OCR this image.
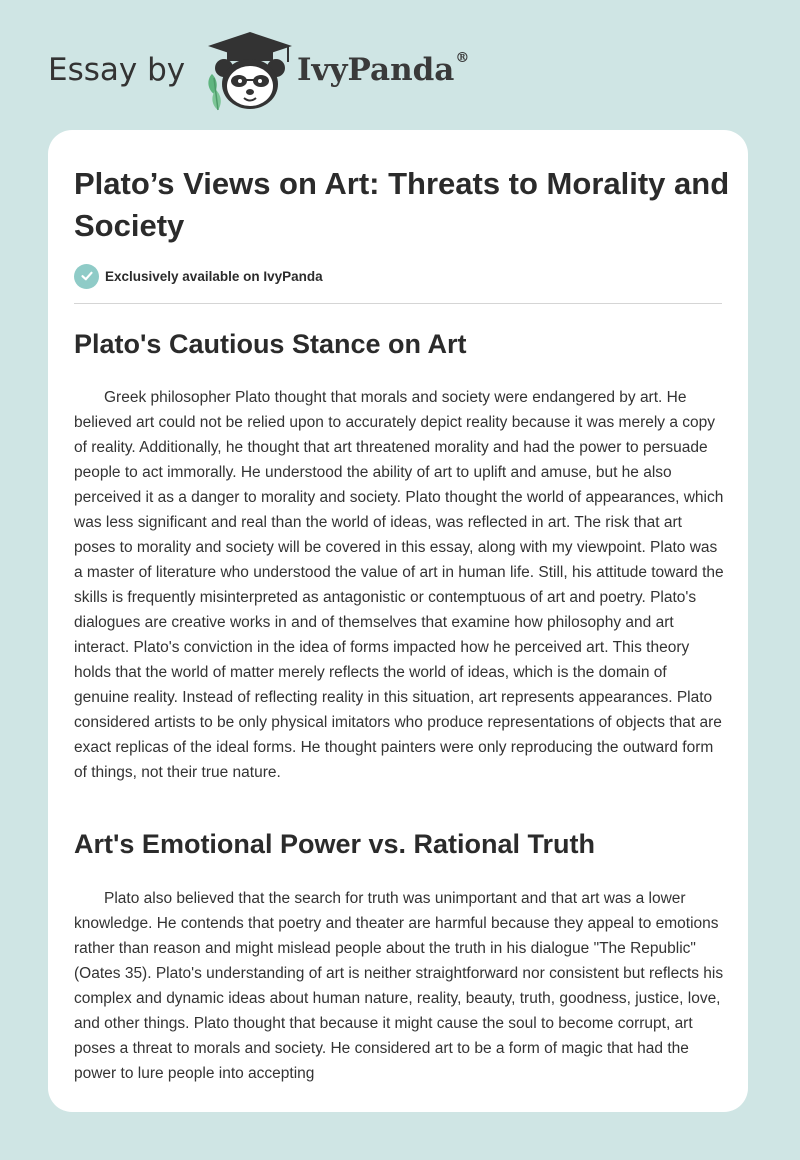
Essay by	IvyPanda®
Plato’s Views on Art: Threats to Morality and Society
Exclusively available on IvyPanda
Plato's Cautious Stance on Art

Greek philosopher Plato thought that morals and society were endangered by art. He believed art could not be relied upon to accurately depict reality because it was merely a copy of reality. Additionally, he thought that art threatened morality and had the power to persuade people to act immorally. He understood the ability of art to uplift and amuse, but he also perceived it as a danger to morality and society. Plato thought the world of appearances, which was less significant and real than the world of ideas, was reflected in art. The risk that art poses to morality and society will be covered in this essay, along with my viewpoint. Plato was a master of literature who understood the value of art in human life. Still, his attitude toward the skills is frequently misinterpreted as antagonistic or contemptuous of art and poetry. Plato's dialogues are creative works in and of themselves that examine how philosophy and art interact. Plato's conviction in the idea of forms impacted how he perceived art. This theory holds that the world of matter merely reflects the world of ideas, which is the domain of genuine reality. Instead of reflecting reality in this situation, art represents appearances. Plato considered artists to be only physical imitators who produce representations of objects that are exact replicas of the ideal forms. He thought painters were only reproducing the outward form of things, not their true nature.

Art's Emotional Power vs. Rational Truth

Plato also believed that the search for truth was unimportant and that art was a lower knowledge. He contends that poetry and theater are harmful because they appeal to emotions rather than reason and might mislead people about the truth in his dialogue "The Republic" (Oates 35). Plato's understanding of art is neither straightforward nor consistent but reflects his complex and dynamic ideas about human nature, reality, beauty, truth, goodness, justice, love, and other things. Plato thought that because it might cause the soul to become corrupt, art poses a threat to morals and society. He considered art to be a form of magic that had the power to lure people into accepting
